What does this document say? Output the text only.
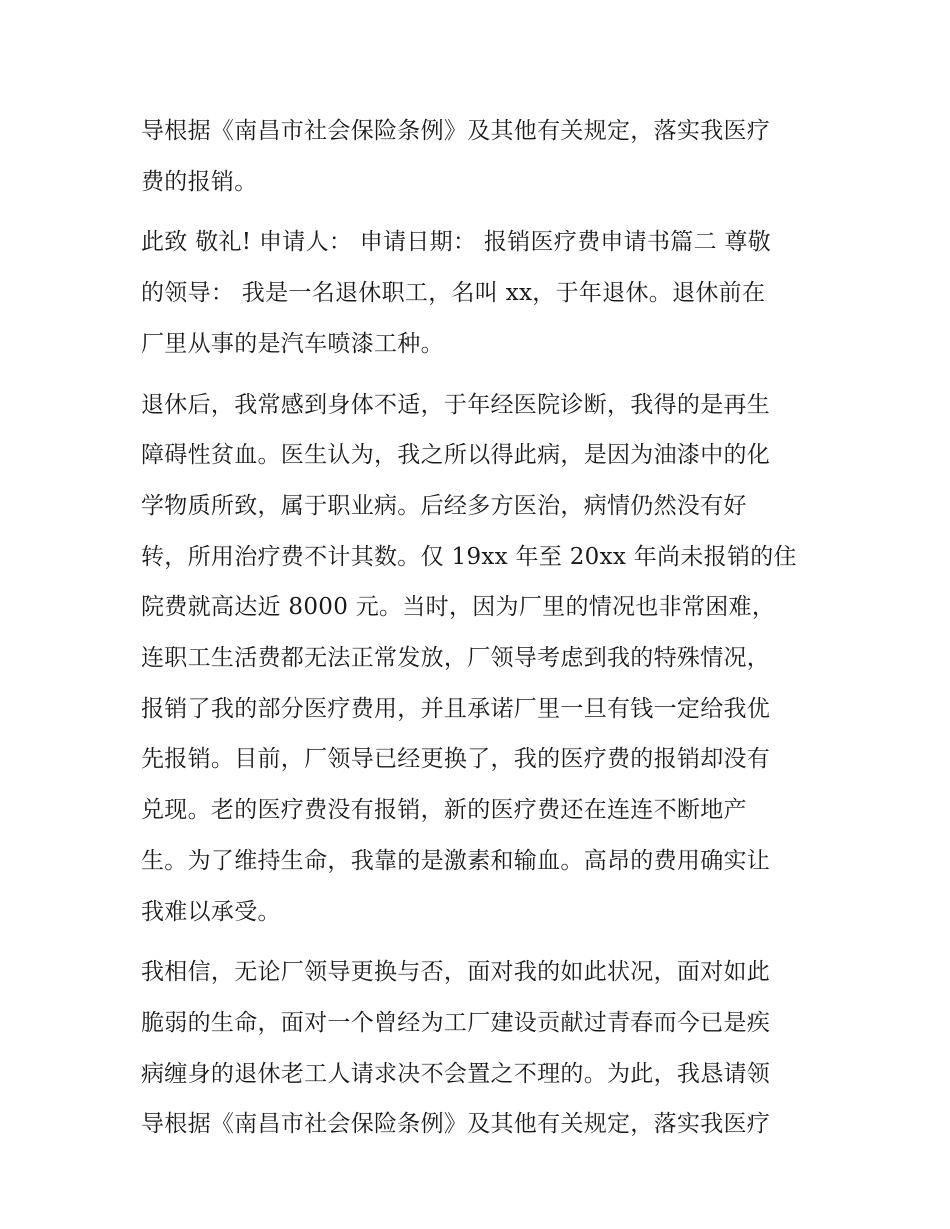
导根据《南昌市社会保险条例》及其他有关规定，落实我医疗
费的报销。
此致 敬礼! 申请人： 申请日期： 报销医疗费申请书篇二 尊敬
的领导： 我是一名退休职工，名叫 xx，于年退休。退休前在
厂里从事的是汽车喷漆工种。
退休后，我常感到身体不适，于年经医院诊断，我得的是再生
障碍性贫血。医生认为，我之所以得此病，是因为油漆中的化
学物质所致，属于职业病。后经多方医治，病情仍然没有好
转，所用治疗费不计其数。仅 19xx 年至 20xx 年尚未报销的住
院费就高达近 8000 元。当时，因为厂里的情况也非常困难，
连职工生活费都无法正常发放，厂领导考虑到我的特殊情况，
报销了我的部分医疗费用，并且承诺厂里一旦有钱一定给我优
先报销。目前，厂领导已经更换了，我的医疗费的报销却没有
兑现。老的医疗费没有报销，新的医疗费还在连连不断地产
生。为了维持生命，我靠的是激素和输血。高昂的费用确实让
我难以承受。
我相信，无论厂领导更换与否，面对我的如此状况，面对如此
脆弱的生命，面对一个曾经为工厂建设贡献过青春而今已是疾
病缠身的退休老工人请求决不会置之不理的。为此，我恳请领
导根据《南昌市社会保险条例》及其他有关规定，落实我医疗
